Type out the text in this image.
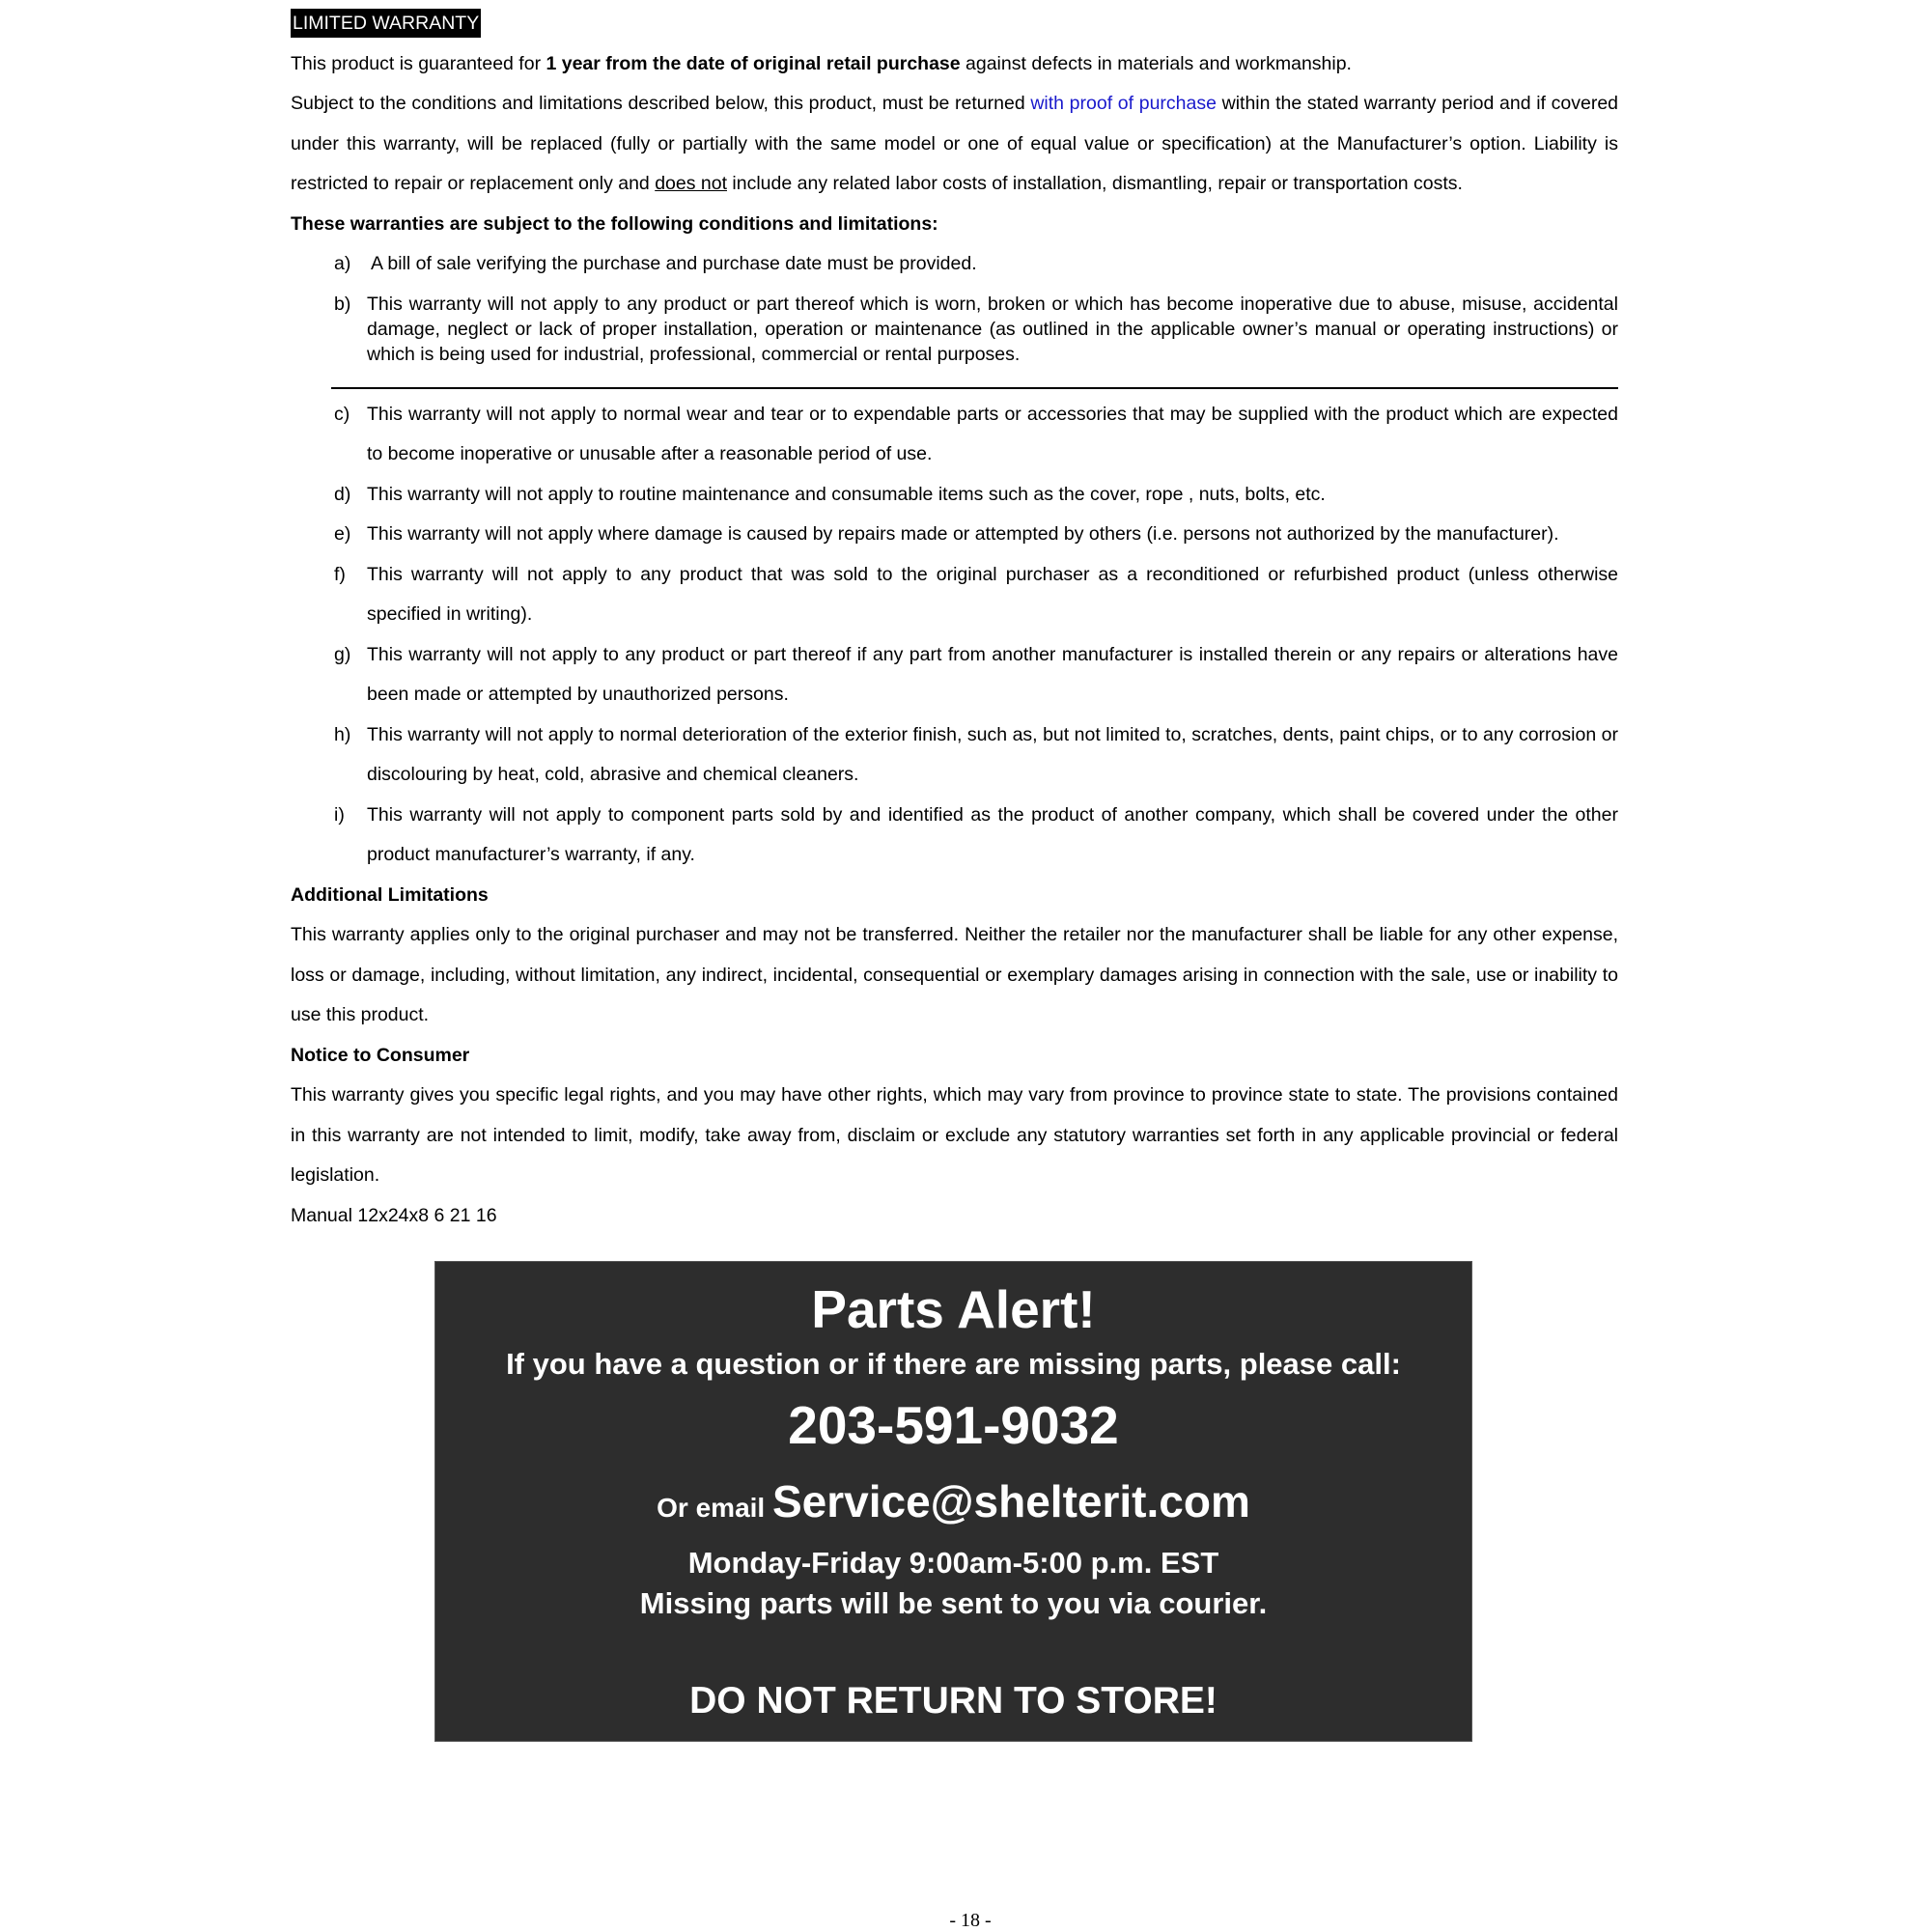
LIMITED WARRANTY

This product is guaranteed for 1 year from the date of original retail purchase against defects in materials and workmanship.

Subject to the conditions and limitations described below, this product, must be returned with proof of purchase within the stated warranty period and if covered under this warranty, will be replaced (fully or partially with the same model or one of equal value or specification) at the Manufacturer’s option. Liability is restricted to repair or replacement only and does not include any related labor costs of installation, dismantling, repair or transportation costs.

These warranties are subject to the following conditions and limitations:

a) A bill of sale verifying the purchase and purchase date must be provided.
b) This warranty will not apply to any product or part thereof which is worn, broken or which has become inoperative due to abuse, misuse, accidental damage, neglect or lack of proper installation, operation or maintenance (as outlined in the applicable owner’s manual or operating instructions) or which is being used for industrial, professional, commercial or rental purposes.
c) This warranty will not apply to normal wear and tear or to expendable parts or accessories that may be supplied with the product which are expected to become inoperative or unusable after a reasonable period of use.
d) This warranty will not apply to routine maintenance and consumable items such as the cover, rope , nuts, bolts, etc.
e) This warranty will not apply where damage is caused by repairs made or attempted by others (i.e. persons not authorized by the manufacturer).
f) This warranty will not apply to any product that was sold to the original purchaser as a reconditioned or refurbished product (unless otherwise specified in writing).
g) This warranty will not apply to any product or part thereof if any part from another manufacturer is installed therein or any repairs or alterations have been made or attempted by unauthorized persons.
h) This warranty will not apply to normal deterioration of the exterior finish, such as, but not limited to, scratches, dents, paint chips, or to any corrosion or discolouring by heat, cold, abrasive and chemical cleaners.
i) This warranty will not apply to component parts sold by and identified as the product of another company, which shall be covered under the other product manufacturer’s warranty, if any.

Additional Limitations

This warranty applies only to the original purchaser and may not be transferred. Neither the retailer nor the manufacturer shall be liable for any other expense, loss or damage, including, without limitation, any indirect, incidental, consequential or exemplary damages arising in connection with the sale, use or inability to use this product.

Notice to Consumer

This warranty gives you specific legal rights, and you may have other rights, which may vary from province to province state to state. The provisions contained in this warranty are not intended to limit, modify, take away from, disclaim or exclude any statutory warranties set forth in any applicable provincial or federal legislation.

Manual 12x24x8 6 21 16

Parts Alert!
If you have a question or if there are missing parts, please call:
203-591-9032
Or email Service@shelterit.com
Monday-Friday 9:00am-5:00 p.m. EST
Missing parts will be sent to you via courier.
DO NOT RETURN TO STORE!
- 18 -
